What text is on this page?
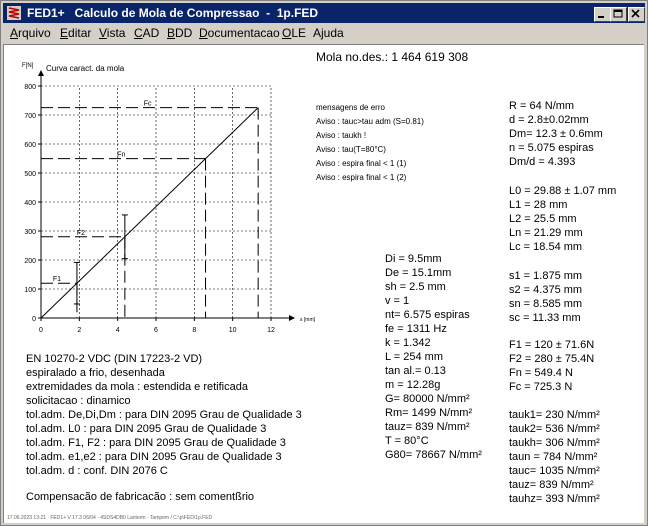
FED1+   Calculo de Mola de Compressao  -  1p.FED
Arquivo Editar Vista CAD BDD Documentacao OLE Ajuda
0	2	4	6	8	10	12
0
100
200
300
400
500
600
700
800
F[N] Curva caract. da mola
s [mm]
F1
F2
Fn
Fc
Mola no.des.: 1 464 619 308
mensagens de erro
Aviso : tauc>tau adm (S=0.81)
Aviso : taukh !
Aviso : tau(T=80°C)
Aviso : espira final < 1 (1)
Aviso : espira final < 1 (2)
R = 64 N/mm
d = 2.8±0.02mm
Dm= 12.3 ± 0.6mm
n = 5.075 espiras
Dm/d = 4.393
L0 = 29.88 ± 1.07 mm
L1 = 28 mm
L2 = 25.5 mm
Ln = 21.29 mm
Lc = 18.54 mm
s1 = 1.875 mm
s2 = 4.375 mm
sn = 8.585 mm
sc = 11.33 mm
F1 = 120 ± 71.6N
F2 = 280 ± 75.4N
Fn = 549.4 N
Fc = 725.3 N
tauk1= 230 N/mm²
tauk2= 536 N/mm²
taukh= 306 N/mm²
taun = 784 N/mm²
tauc= 1035 N/mm²
tauz= 839 N/mm²
tauhz= 393 N/mm²
Di = 9.5mm
De = 15.1mm
sh = 2.5 mm
v = 1
nt= 6.575 espiras
fe = 1311 Hz
k = 1.342
L = 254 mm
tan al.= 0.13
m = 12.28g
G= 80000 N/mm²
Rm= 1499 N/mm²
tauz= 839 N/mm²
T = 80°C
G80= 78667 N/mm²
EN 10270-2 VDC (DIN 17223-2 VD)
espiralado a frio, desenhada
extremidades da mola : estendida e retificada
solicitacao : dinamico
tol.adm. De,Di,Dm : para DIN 2095 Grau de Qualidade 3
tol.adm. L0 : para DIN 2095 Grau de Qualidade 3
tol.adm. F1, F2 : para DIN 2095 Grau de Qualidade 3
tol.adm. e1,e2 : para DIN 2095 Grau de Qualidade 3
tol.adm. d : conf. DIN 2076 C
Compensacão de fabricacão : sem comentßrio
17.06.2023 13:21 · FED1+ V 17.3 06/04 · 4SDS4DB0 Lanterm · Tampem / C:\p\FED\1p.FED
